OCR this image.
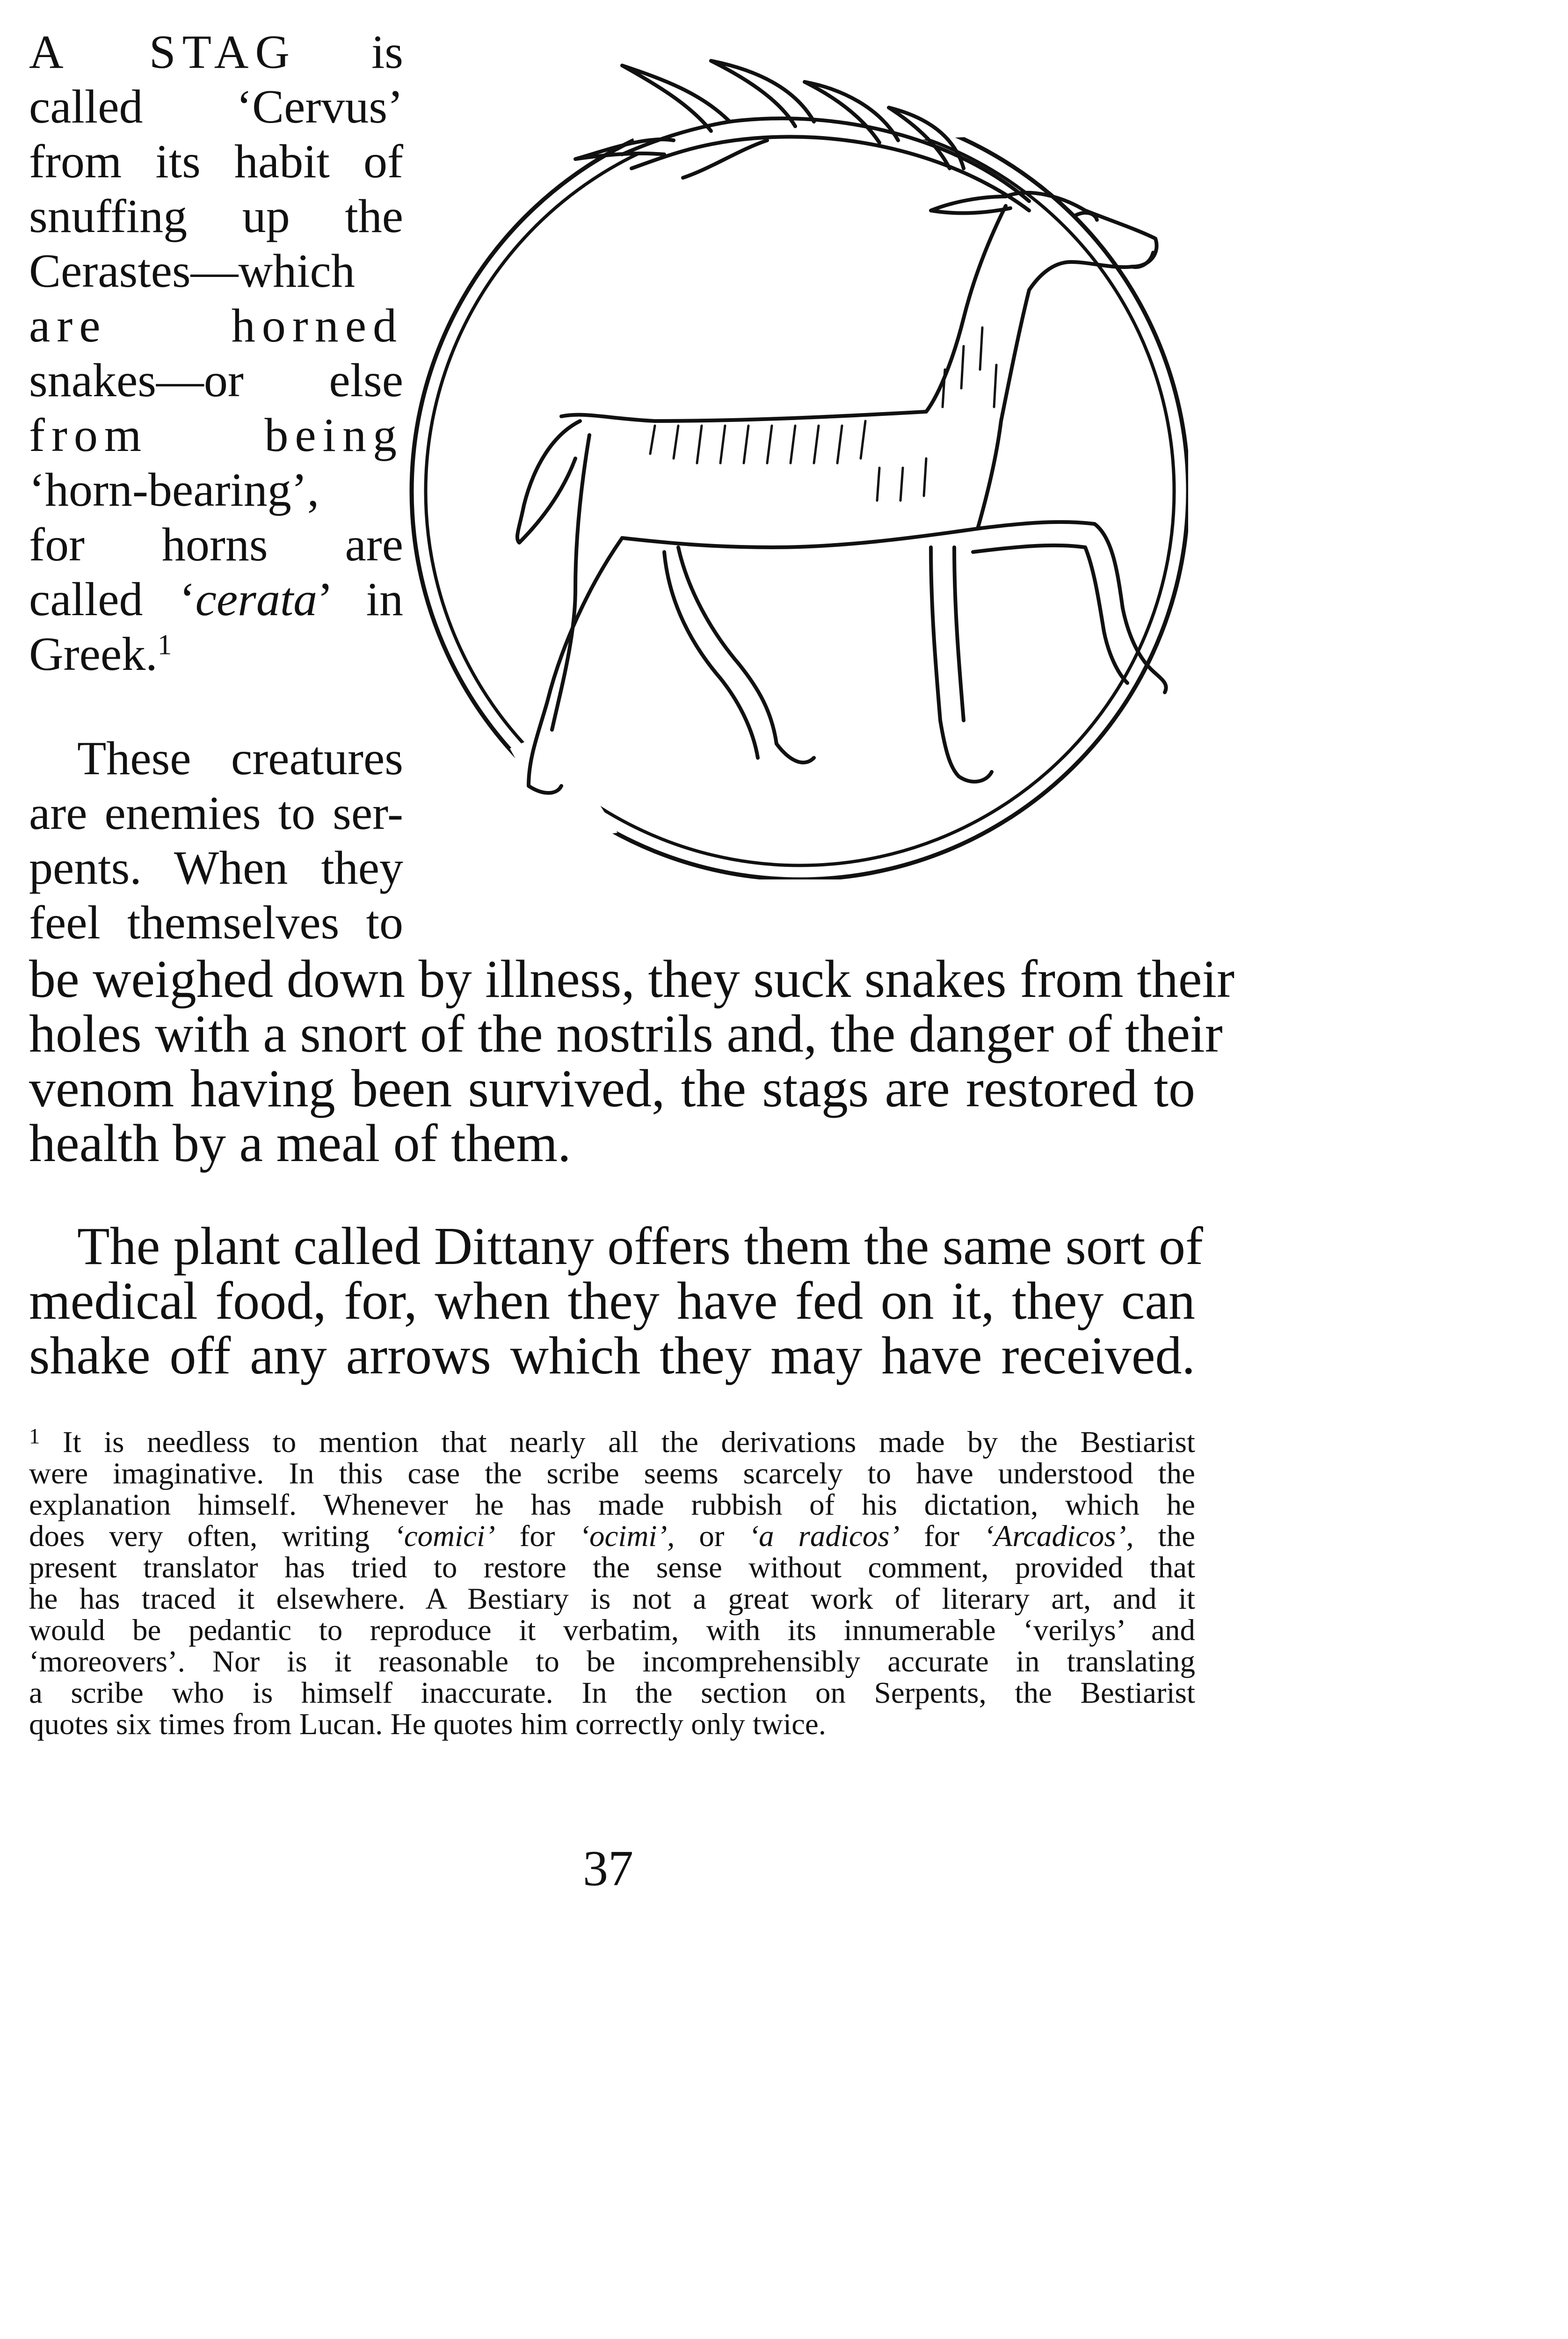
A STAG is
called ‘Cervus’
from its habit of
snuffing up the
Cerastes—which
are horned
snakes—or else
from being
‘horn-bearing’,
for horns are
called ‘cerata’ in
Greek.$^1$
These creatures
are enemies to ser-
pents. When they
feel themselves to
be weighed down by illness, they suck snakes from their
holes with a snort of the nostrils and, the danger of their
venom having been survived, the stags are restored to
health by a meal of them.
The plant called Dittany offers them the same sort of
medical food, for, when they have fed on it, they can
shake off any arrows which they may have received.
$^1$ It is needless to mention that nearly all the derivations made by the Bestiarist
were imaginative. In this case the scribe seems scarcely to have understood the
explanation himself. Whenever he has made rubbish of his dictation, which he
does very often, writing ‘comici’ for ‘ocimi’, or ‘a radicos’ for ‘Arcadicos’, the
present translator has tried to restore the sense without comment, provided that
he has traced it elsewhere. A Bestiary is not a great work of literary art, and it
would be pedantic to reproduce it verbatim, with its innumerable ‘verilys’ and
‘moreovers’. Nor is it reasonable to be incomprehensibly accurate in translating
a scribe who is himself inaccurate. In the section on Serpents, the Bestiarist
quotes six times from Lucan. He quotes him correctly only twice.
37
